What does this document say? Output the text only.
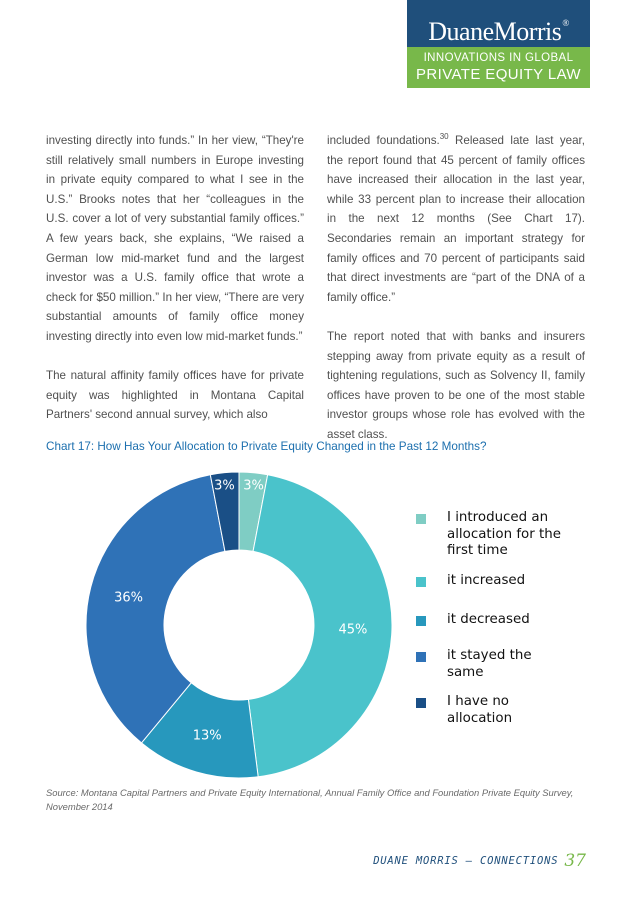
DuaneMorris®
INNOVATIONS IN GLOBAL
PRIVATE EQUITY LAW

investing directly into funds.” In her view, “They're still relatively small numbers in Europe investing in private equity compared to what I see in the U.S.” Brooks notes that her “colleagues in the U.S. cover a lot of very substantial family offices.” A few years back, she explains, “We raised a German low mid-market fund and the largest investor was a U.S. family office that wrote a check for $50 million.” In her view, “There are very substantial amounts of family office money investing directly into even low mid-market funds.”

The natural affinity family offices have for private equity was highlighted in Montana Capital Partners' second annual survey, which also

included foundations.$^{30}$ Released late last year, the report found that 45 percent of family offices have increased their allocation in the last year, while 33 percent plan to increase their allocation in the next 12 months (See Chart 17). Secondaries remain an important strategy for family offices and 70 percent of participants said that direct investments are “part of the DNA of a family office.”

The report noted that with banks and insurers stepping away from private equity as a result of tightening regulations, such as Solvency II, family offices have proven to be one of the most stable investor groups whose role has evolved with the asset class.

Chart 17: How Has Your Allocation to Private Equity Changed in the Past 12 Months?
3%
45%
13%
36%
3%
I introduced an allocation for the first time
it increased
it decreased
it stayed the same
I have no allocation
Source: Montana Capital Partners and Private Equity International, Annual Family Office and Foundation Private Equity Survey, November 2014
DUANE MORRIS — CONNECTIONS 37
